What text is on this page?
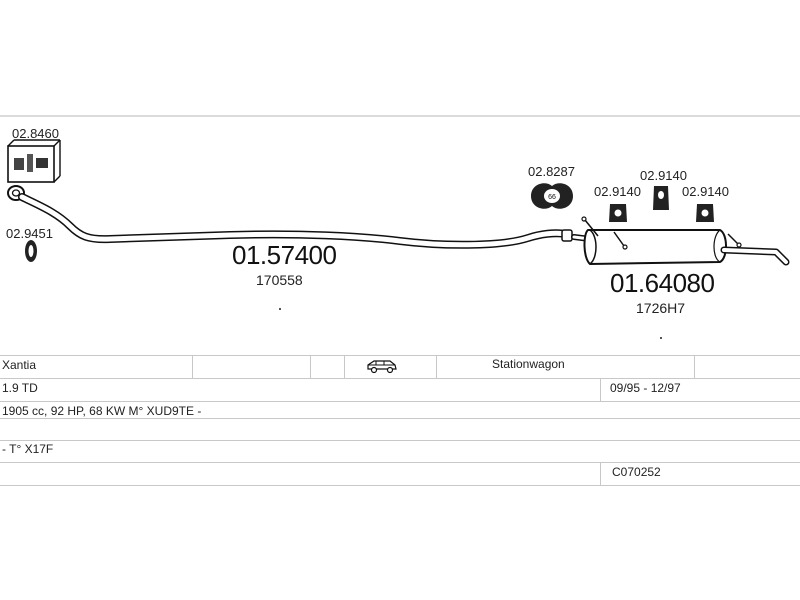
66
02.8460
02.9451
01.57400
170558
02.8287
02.9140
02.9140
02.9140
01.64080
1726H7
Xantia	Stationwagon
1.9 TD	09/95 - 12/97
1905 cc, 92 HP, 68 KW M° XUD9TE -
- T° X17F
C070252
